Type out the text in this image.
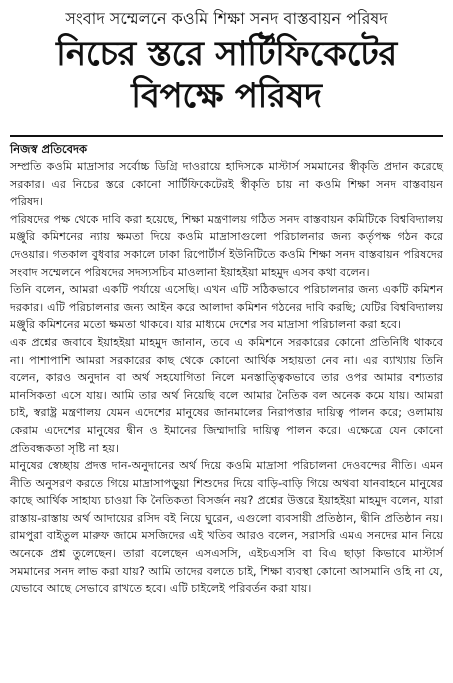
সংবাদ সম্মেলনে কওমি শিক্ষা সনদ বাস্তবায়ন পরিষদ
নিচের স্তরে সার্টিফিকেটের
বিপক্ষে পরিষদ
নিজস্ব প্রতিবেদক

সম্প্রতি কওমি মাদ্রাসার সর্বোচ্চ ডিগ্রি দাওরায়ে হাদিসকে মাস্টার্স সমমানের স্বীকৃতি প্রদান করেছে সরকার। এর নিচের স্তরে কোনো সার্টিফিকেটেরই স্বীকৃতি চায় না কওমি শিক্ষা সনদ বাস্তবায়ন পরিষদ।

পরিষদের পক্ষ থেকে দাবি করা হয়েছে, শিক্ষা মন্ত্রণালয় গঠিত সনদ বাস্তবায়ন কমিটিকে বিশ্ববিদ্যালয় মঞ্জুরি কমিশনের ন্যায় ক্ষমতা দিয়ে কওমি মাদ্রাসাগুলো পরিচালনার জন্য কর্তৃপক্ষ গঠন করে দেওয়ার। গতকাল বুধবার সকালে ঢাকা রিপোর্টার্স ইউনিটিতে কওমি শিক্ষা সনদ বাস্তবায়ন পরিষদের সংবাদ সম্মেলনে পরিষদের সদস্যসচিব মাওলানা ইয়াহইয়া মাহমুদ এসব কথা বলেন।

তিনি বলেন, আমরা একটি পর্যায়ে এসেছি। এখন এটি সঠিকভাবে পরিচালনার জন্য একটি কমিশন দরকার। এটি পরিচালনার জন্য আইন করে আলাদা কমিশন গঠনের দাবি করছি; যেটির বিশ্ববিদ্যালয় মঞ্জুরি কমিশনের মতো ক্ষমতা থাকবে। যার মাধ্যমে দেশের সব মাদ্রাসা পরিচালনা করা হবে।

এক প্রশ্নের জবাবে ইয়াহইয়া মাহমুদ জানান, তবে এ কমিশনে সরকারের কোনো প্রতিনিধি থাকবে না। পাশাপাশি আমরা সরকারের কাছ থেকে কোনো আর্থিক সহায়তা নেব না। এর ব্যাখ্যায় তিনি বলেন, কারও অনুদান বা অর্থ সহযোগিতা নিলে মনস্তাত্ত্বিকভাবে তার ওপর আমার বশ্যতার মানসিকতা এসে যায়। আমি তার অর্থ নিয়েছি বলে আমার নৈতিক বল অনেক কমে যায়। আমরা চাই, স্বরাষ্ট্র মন্ত্রণালয় যেমন এদেশের মানুষের জানমালের নিরাপত্তার দায়িত্ব পালন করে; ওলামায় কেরাম এদেশের মানুষের দ্বীন ও ইমানের জিম্মাদারি দায়িত্ব পালন করে। এক্ষেত্রে যেন কোনো প্রতিবন্ধকতা সৃষ্টি না হয়।

মানুষের স্বেচ্ছায় প্রদত্ত দান-অনুদানের অর্থ দিয়ে কওমি মাদ্রাসা পরিচালনা দেওবন্দের নীতি। এমন নীতি অনুসরণ করতে গিয়ে মাদ্রাসাপড়ুয়া শিশুদের দিয়ে বাড়ি-বাড়ি গিয়ে অথবা যানবাহনে মানুষের কাছে আর্থিক সাহায্য চাওয়া কি নৈতিকতা বিসর্জন নয়? প্রশ্নের উত্তরে ইয়াহইয়া মাহমুদ বলেন, যারা রাস্তায়-রাস্তায় অর্থ আদায়ের রসিদ বই নিয়ে ঘুরেন, এগুলো ব্যবসায়ী প্রতিষ্ঠান, দ্বীনি প্রতিষ্ঠান নয়। রামপুরা বাইতুল মারুফ জামে মসজিদের এই খতিব আরও বলেন, সরাসরি এমএ সনদের মান নিয়ে অনেকে প্রশ্ন তুলেছেন। তারা বলেছেন এসএসসি, এইচএসসি বা বিএ ছাড়া কিভাবে মাস্টার্স সমমানের সনদ লাভ করা যায়? আমি তাদের বলতে চাই, শিক্ষা ব্যবস্থা কোনো আসমানি ওহি না যে, যেভাবে আছে সেভাবে রাখতে হবে। এটি চাইলেই পরিবর্তন করা যায়।
